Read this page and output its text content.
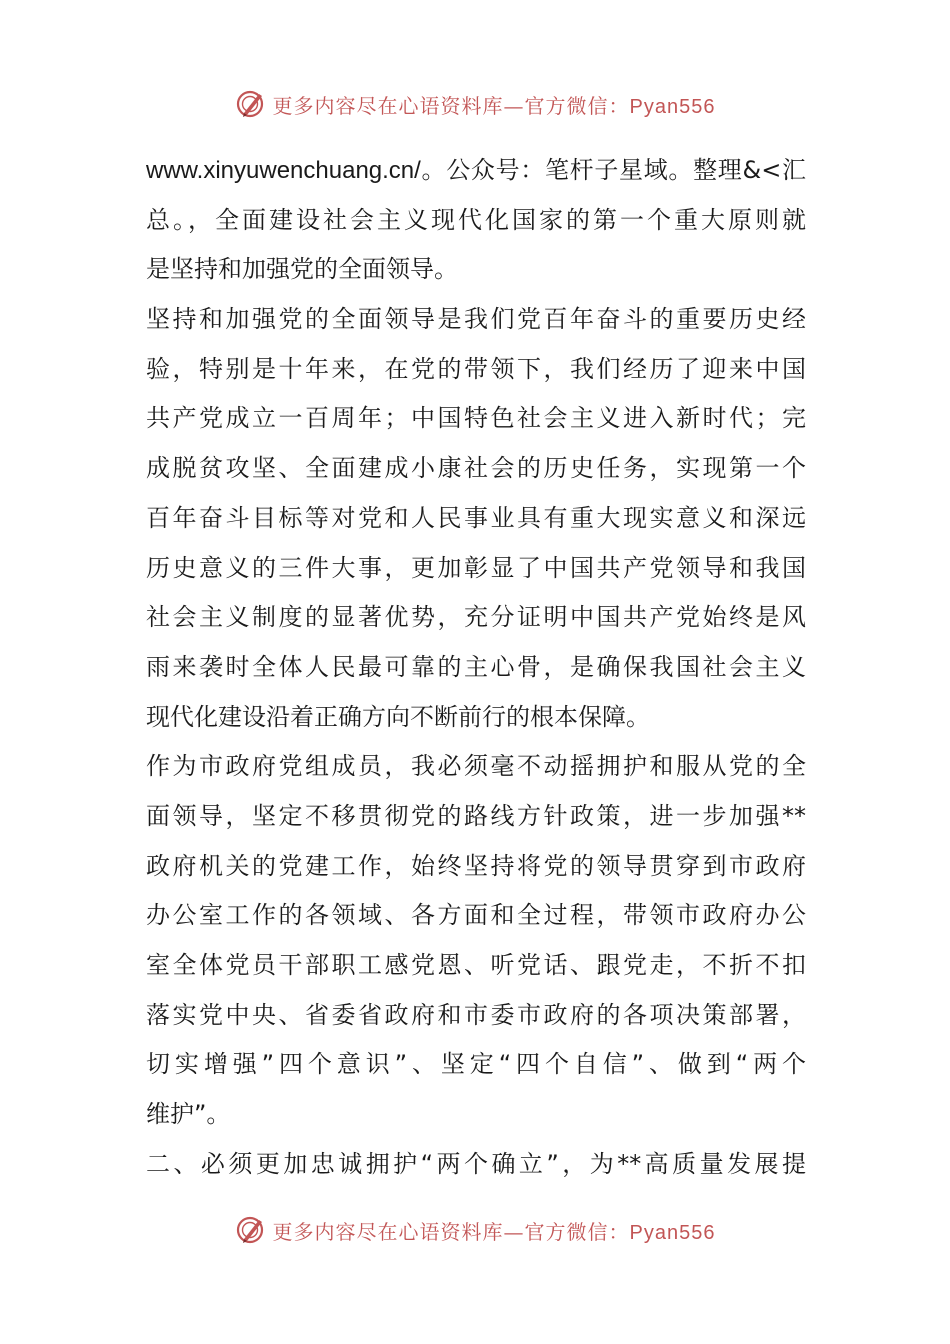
更多内容尽在心语资料库—官方微信：Pyan556
www.xinyuwenchuang.cn/。公众号：笔杆子星域。整理&<汇
总。，全面建设社会主义现代化国家的第一个重大原则就
是坚持和加强党的全面领导。
坚持和加强党的全面领导是我们党百年奋斗的重要历史经
验，特别是十年来，在党的带领下，我们经历了迎来中国
共产党成立一百周年；中国特色社会主义进入新时代；完
成脱贫攻坚、全面建成小康社会的历史任务，实现第一个
百年奋斗目标等对党和人民事业具有重大现实意义和深远
历史意义的三件大事，更加彰显了中国共产党领导和我国
社会主义制度的显著优势，充分证明中国共产党始终是风
雨来袭时全体人民最可靠的主心骨，是确保我国社会主义
现代化建设沿着正确方向不断前行的根本保障。
作为市政府党组成员，我必须毫不动摇拥护和服从党的全
面领导，坚定不移贯彻党的路线方针政策，进一步加强**
政府机关的党建工作，始终坚持将党的领导贯穿到市政府
办公室工作的各领域、各方面和全过程，带领市政府办公
室全体党员干部职工感党恩、听党话、跟党走，不折不扣
落实党中央、省委省政府和市委市政府的各项决策部署，
切实增强”四个意识”、坚定“四个自信”、做到“两个
维护”。
二、必须更加忠诚拥护“两个确立”，为**高质量发展提
更多内容尽在心语资料库—官方微信：Pyan556
